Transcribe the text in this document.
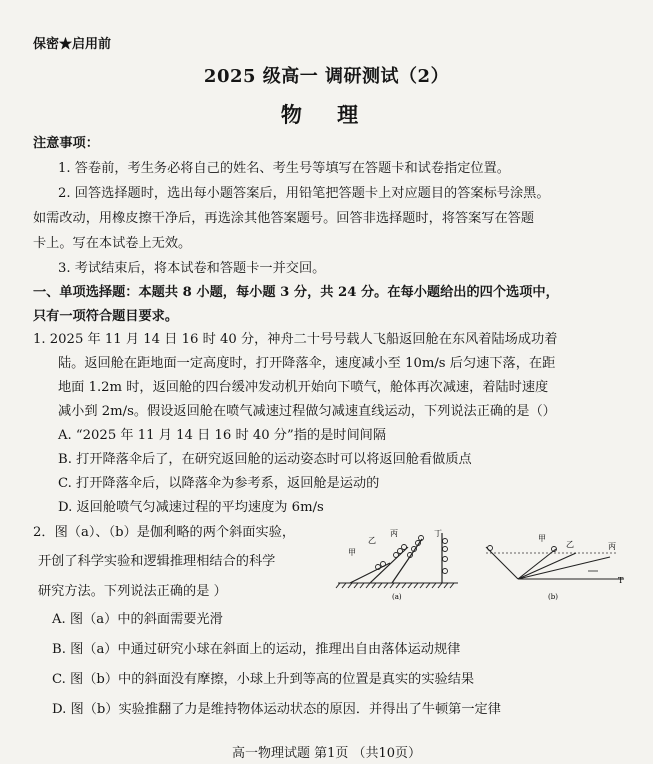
保密★启用前
2025 级高一 调研测试（2）
物 理
注意事项：
1. 答卷前，考生务必将自己的姓名、考生号等填写在答题卡和试卷指定位置。
2. 回答选择题时，选出每小题答案后，用铅笔把答题卡上对应题目的答案标号涂黑。
如需改动，用橡皮擦干净后，再选涂其他答案题号。回答非选择题时，将答案写在答题
卡上。写在本试卷上无效。
3. 考试结束后，将本试卷和答题卡一并交回。
一、单项选择题：本题共 8 小题，每小题 3 分，共 24 分。在每小题给出的四个选项中，
只有一项符合题目要求。
1. 2025 年 11 月 14 日 16 时 40 分，神舟二十号号载人飞船返回舱在东风着陆场成功着
陆。返回舱在距地面一定高度时，打开降落伞，速度减小至 10m/s 后匀速下落，在距
地面 1.2m 时，返回舱的四台缓冲发动机开始向下喷气，舱体再次减速，着陆时速度
减小到 2m/s。假设返回舱在喷气减速过程做匀减速直线运动，下列说法正确的是（）
A. “2025 年 11 月 14 日 16 时 40 分”指的是时间间隔
B. 打开降落伞后了，在研究返回舱的运动姿态时可以将返回舱看做质点
C. 打开降落伞后，以降落伞为参考系，返回舱是运动的
D. 返回舱喷气匀减速过程的平均速度为 6m/s
2．图（a）、（b）是伽利略的两个斜面实验，
开创了科学实验和逻辑推理相结合的科学
研究方法。下列说法正确的是 ）
甲
乙
丙	丁
(a)
甲
乙	丙
T
(b)
A. 图（a）中的斜面需要光滑
B. 图（a）中通过研究小球在斜面上的运动，推理出自由落体运动规律
C. 图（b）中的斜面没有摩擦，小球上升到等高的位置是真实的实验结果
D. 图（b）实验推翻了力是维持物体运动状态的原因．并得出了牛顿第一定律
高一物理试题 第1页 （共10页）
